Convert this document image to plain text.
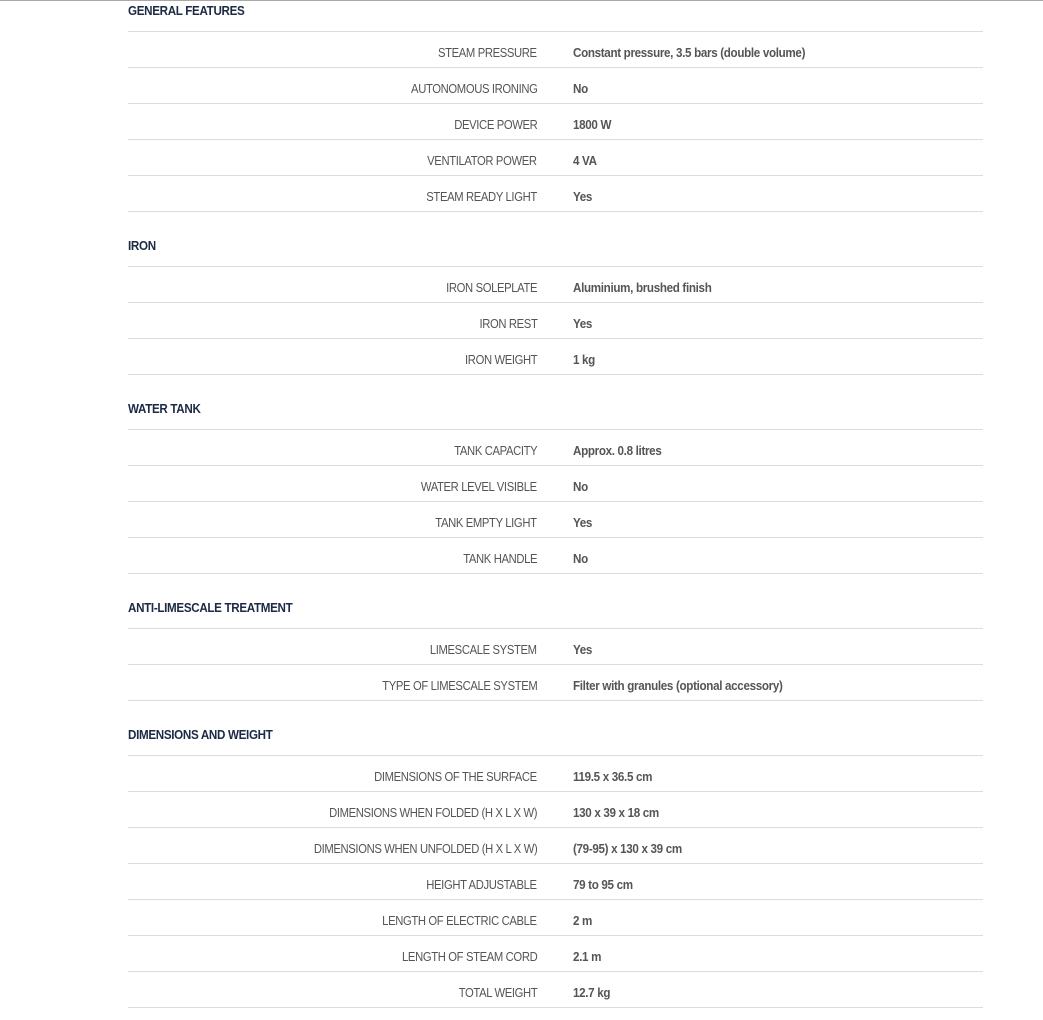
GENERAL FEATURES
STEAM PRESSURE	Constant pressure, 3.5 bars (double volume)
AUTONOMOUS IRONING	No
DEVICE POWER	1800 W
VENTILATOR POWER	4 VA
STEAM READY LIGHT	Yes
IRON
IRON SOLEPLATE	Aluminium, brushed finish
IRON REST	Yes
IRON WEIGHT	1 kg
WATER TANK
TANK CAPACITY	Approx. 0.8 litres
WATER LEVEL VISIBLE	No
TANK EMPTY LIGHT	Yes
TANK HANDLE	No
ANTI-LIMESCALE TREATMENT
LIMESCALE SYSTEM	Yes
TYPE OF LIMESCALE SYSTEM	Filter with granules (optional accessory)
DIMENSIONS AND WEIGHT
DIMENSIONS OF THE SURFACE	119.5 x 36.5 cm
DIMENSIONS WHEN FOLDED (H X L X W)	130 x 39 x 18 cm
DIMENSIONS WHEN UNFOLDED (H X L X W)	(79-95) x 130 x 39 cm
HEIGHT ADJUSTABLE	79 to 95 cm
LENGTH OF ELECTRIC CABLE	2 m
LENGTH OF STEAM CORD	2.1 m
TOTAL WEIGHT	12.7 kg
